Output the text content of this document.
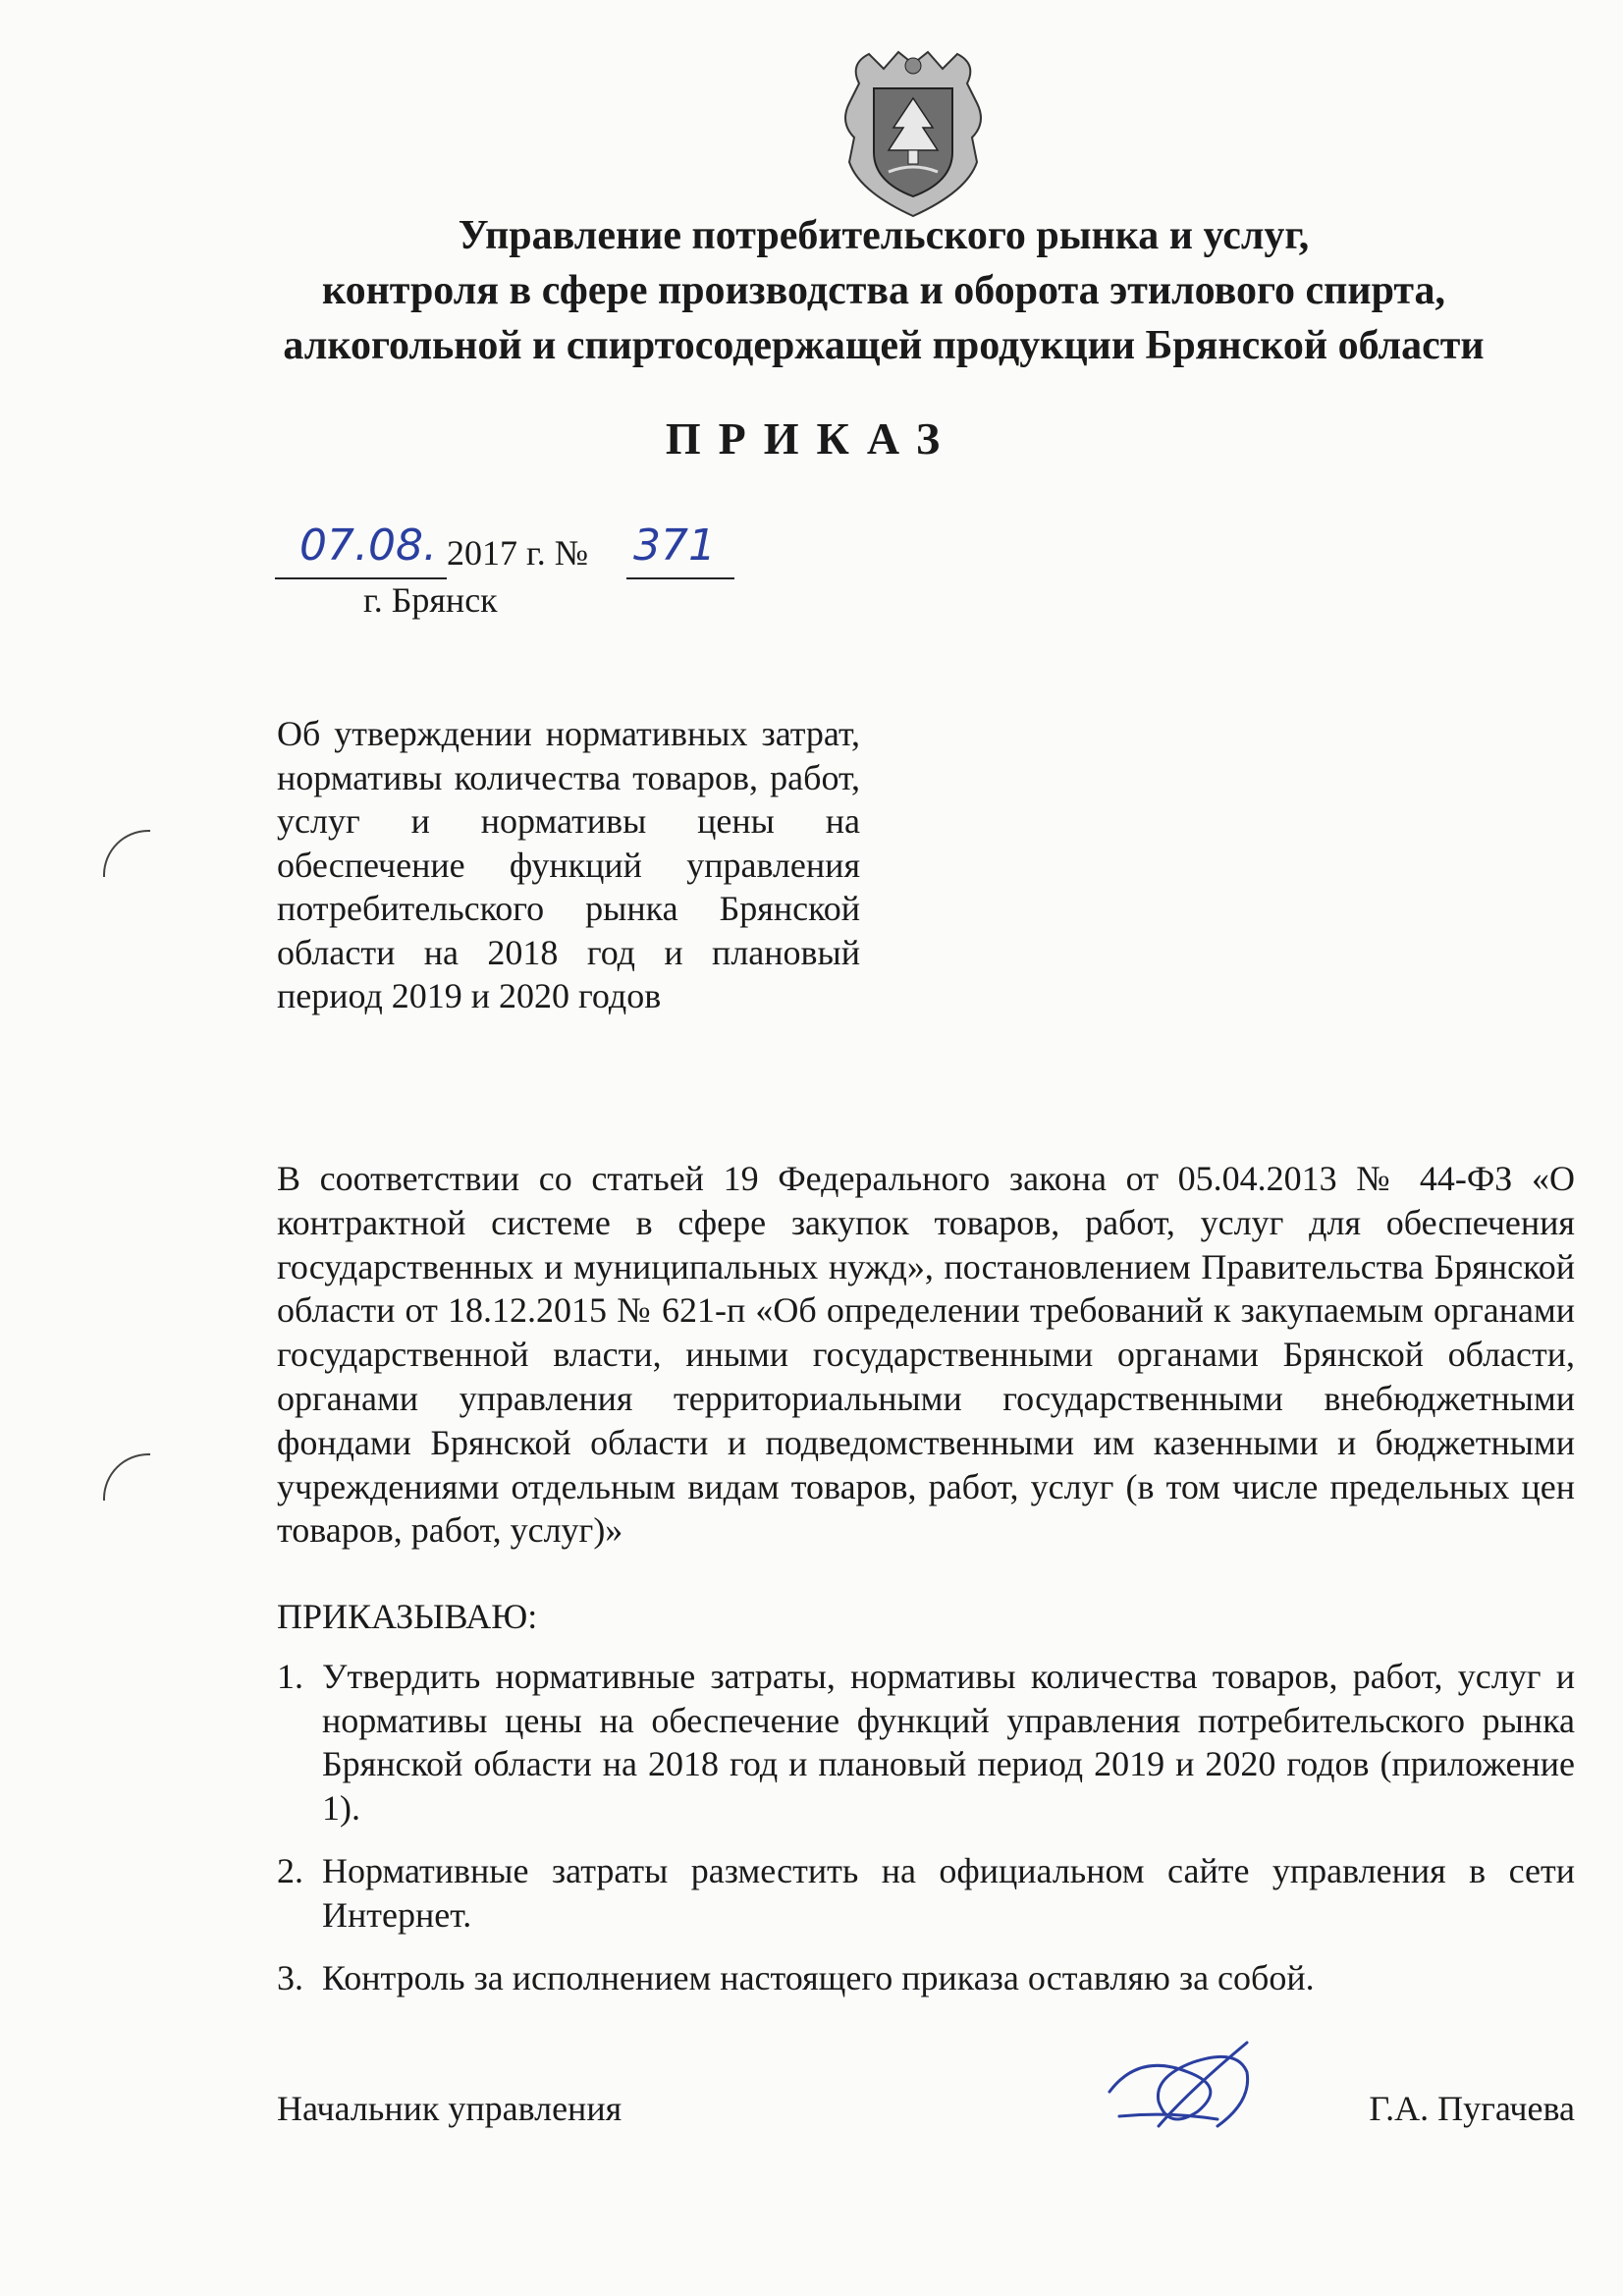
Управление потребительского рынка и услуг,
контроля в сфере производства и оборота этилового спирта,
алкогольной и спиртосодержащей продукции Брянской области
ПРИКАЗ
07.08. 2017 г. № 371
г. Брянск
Об утверждении нормативных затрат, нормативы количества товаров, работ, услуг и нормативы цены на обеспечение функций управления потребительского рынка Брянской области на 2018 год и плановый период 2019 и 2020 годов
В соответствии со статьей 19 Федерального закона от 05.04.2013 № 44-ФЗ «О контрактной системе в сфере закупок товаров, работ, услуг для обеспечения государственных и муниципальных нужд», постановлением Правительства Брянской области от 18.12.2015 № 621-п «Об определении требований к закупаемым органами государственной власти, иными государственными органами Брянской области, органами управления территориальными государственными внебюджетными фондами Брянской области и подведомственными им казенными и бюджетными учреждениями отдельным видам товаров, работ, услуг (в том числе предельных цен товаров, работ, услуг)»
ПРИКАЗЫВАЮ:
1. Утвердить нормативные затраты, нормативы количества товаров, работ, услуг и нормативы цены на обеспечение функций управления потребительского рынка Брянской области на 2018 год и плановый период 2019 и 2020 годов (приложение 1).
2. Нормативные затраты разместить на официальном сайте управления в сети Интернет.
3. Контроль за исполнением настоящего приказа оставляю за собой.
Начальник управления	Г.А. Пугачева
